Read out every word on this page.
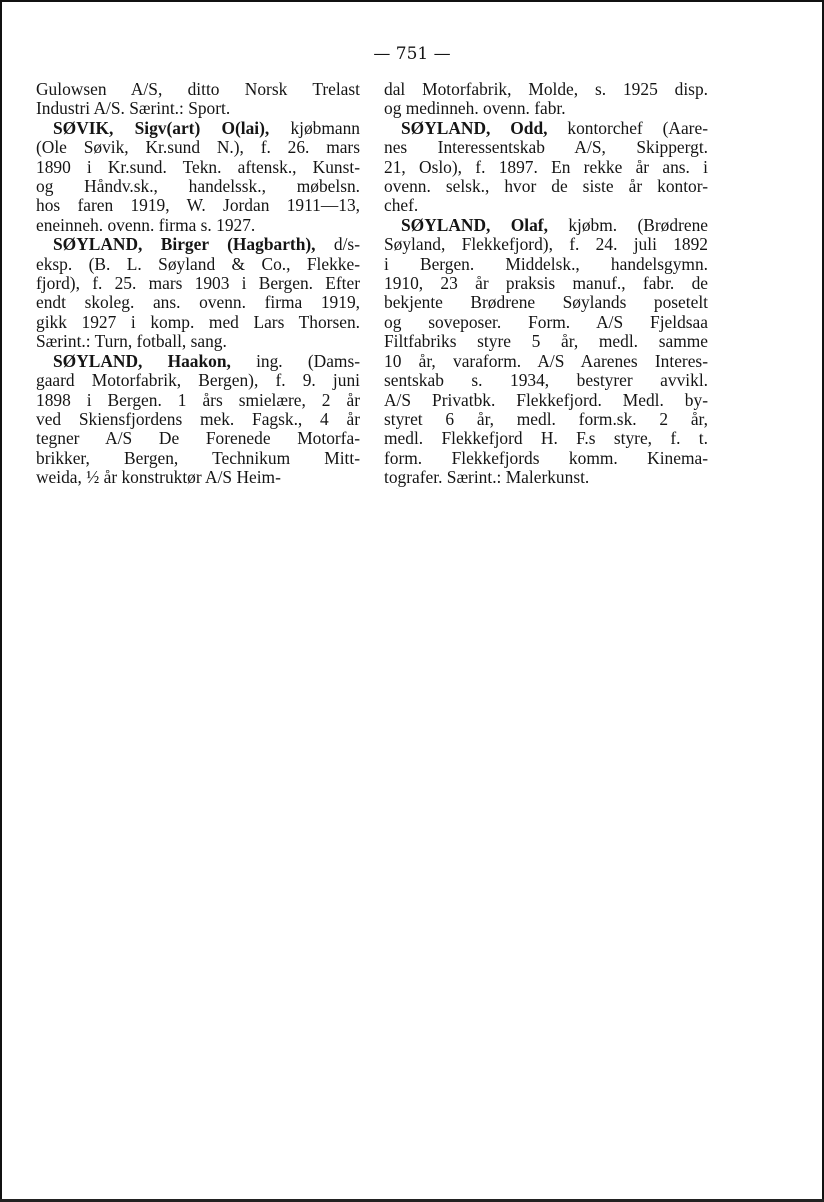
— 751 —
Gulowsen A/S, ditto Norsk Trelast
Industri A/S. Særint.: Sport.
SØVIK, Sigv(art) O(lai), kjøbmann
(Ole Søvik, Kr.sund N.), f. 26. mars
1890 i Kr.sund. Tekn. aftensk., Kunst-
og Håndv.sk., handelssk., møbelsn.
hos faren 1919, W. Jordan 1911—13,
eneinneh. ovenn. firma s. 1927.
SØYLAND, Birger (Hagbarth), d/s-
eksp. (B. L. Søyland & Co., Flekke-
fjord), f. 25. mars 1903 i Bergen. Efter
endt skoleg. ans. ovenn. firma 1919,
gikk 1927 i komp. med Lars Thorsen.
Særint.: Turn, fotball, sang.
SØYLAND, Haakon, ing. (Dams-
gaard Motorfabrik, Bergen), f. 9. juni
1898 i Bergen. 1 års smielære, 2 år
ved Skiensfjordens mek. Fagsk., 4 år
tegner A/S De Forenede Motorfa-
brikker, Bergen, Technikum Mitt-
weida, ½ år konstruktør A/S Heim-
dal Motorfabrik, Molde, s. 1925 disp.
og medinneh. ovenn. fabr.
SØYLAND, Odd, kontorchef (Aare-
nes Interessentskab A/S, Skippergt.
21, Oslo), f. 1897. En rekke år ans. i
ovenn. selsk., hvor de siste år kontor-
chef.
SØYLAND, Olaf, kjøbm. (Brødrene
Søyland, Flekkefjord), f. 24. juli 1892
i Bergen. Middelsk., handelsgymn.
1910, 23 år praksis manuf., fabr. de
bekjente Brødrene Søylands posetelt
og soveposer. Form. A/S Fjeldsaa
Filtfabriks styre 5 år, medl. samme
10 år, varaform. A/S Aarenes Interes-
sentskab s. 1934, bestyrer avvikl.
A/S Privatbk. Flekkefjord. Medl. by-
styret 6 år, medl. form.sk. 2 år,
medl. Flekkefjord H. F.s styre, f. t.
form. Flekkefjords komm. Kinema-
tografer. Særint.: Malerkunst.
